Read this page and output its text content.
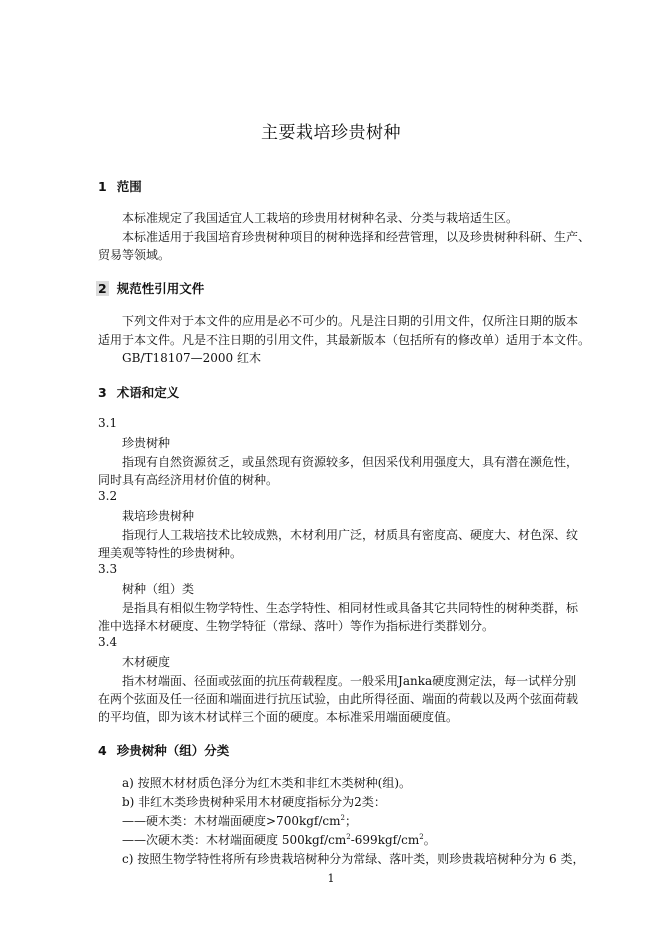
主要栽培珍贵树种
1 范围
本标准规定了我国适宜人工栽培的珍贵用材树种名录、分类与栽培适生区。
本标准适用于我国培育珍贵树种项目的树种选择和经营管理，以及珍贵树种科研、生产、
贸易等领域。
2 规范性引用文件
下列文件对于本文件的应用是必不可少的。凡是注日期的引用文件，仅所注日期的版本
适用于本文件。凡是不注日期的引用文件，其最新版本（包括所有的修改单）适用于本文件。
GB/T18107—2000 红木
3 术语和定义
3.1
珍贵树种
指现有自然资源贫乏，或虽然现有资源较多，但因采伐利用强度大，具有潜在濒危性，
同时具有高经济用材价值的树种。
3.2
栽培珍贵树种
指现行人工栽培技术比较成熟，木材利用广泛，材质具有密度高、硬度大、材色深、纹
理美观等特性的珍贵树种。
3.3
树种（组）类
是指具有相似生物学特性、生态学特性、相同材性或具备其它共同特性的树种类群，标
准中选择木材硬度、生物学特征（常绿、落叶）等作为指标进行类群划分。
3.4
木材硬度
指木材端面、径面或弦面的抗压荷载程度。一般采用Janka硬度测定法，每一试样分别
在两个弦面及任一径面和端面进行抗压试验，由此所得径面、端面的荷载以及两个弦面荷载
的平均值，即为该木材试样三个面的硬度。本标准采用端面硬度值。
4 珍贵树种（组）分类
a) 按照木材材质色泽分为红木类和非红木类树种(组)。
b) 非红木类珍贵树种采用木材硬度指标分为2类：
——硬木类：木材端面硬度$>700kgf/cm^2$；
——次硬木类：木材端面硬度 $500kgf/cm^2-699kgf/cm^2$。
c) 按照生物学特性将所有珍贵栽培树种分为常绿、落叶类，则珍贵栽培树种分为 6 类，
1
